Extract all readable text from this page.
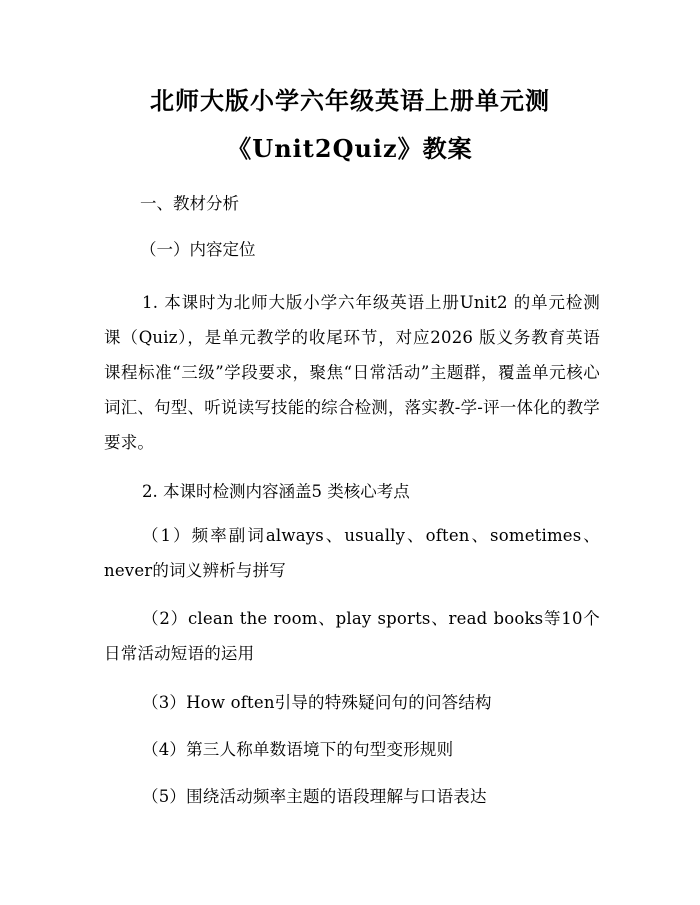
北师大版小学六年级英语上册单元测
《Unit2Quiz》教案
一、教材分析
（一）内容定位
1. 本课时为北师大版小学六年级英语上册Unit2 的单元检测课（Quiz），是单元教学的收尾环节，对应2026 版义务教育英语课程标准“三级”学段要求，聚焦“日常活动”主题群，覆盖单元核心词汇、句型、听说读写技能的综合检测，落实教-学-评一体化的教学要求。
2. 本课时检测内容涵盖5 类核心考点
（1）频率副词always、usually、often、sometimes、never的词义辨析与拼写
（2）clean the room、play sports、read books等10个日常活动短语的运用
（3）How often引导的特殊疑问句的问答结构
（4）第三人称单数语境下的句型变形规则
（5）围绕活动频率主题的语段理解与口语表达
